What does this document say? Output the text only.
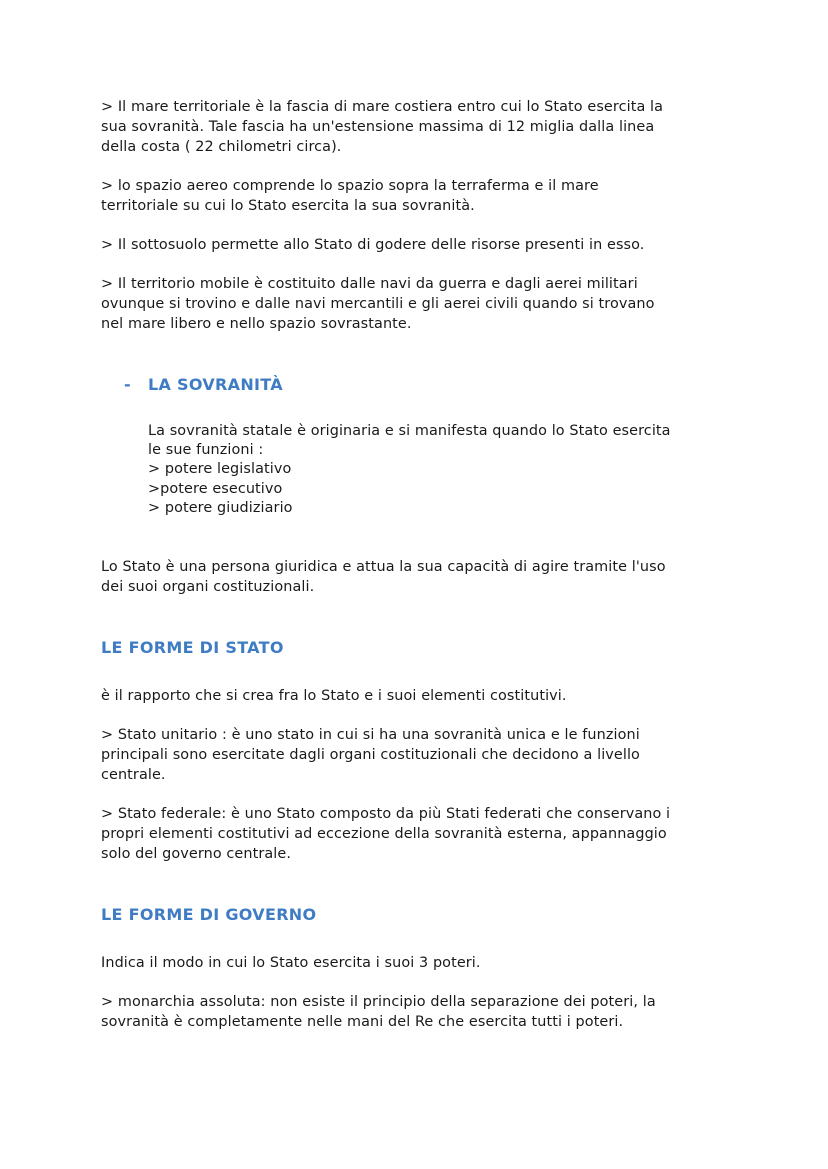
> Il mare territoriale è la fascia di mare costiera entro cui lo Stato esercita la
sua sovranità. Tale fascia ha un'estensione massima di 12 miglia dalla linea
della costa ( 22 chilometri circa).
> lo spazio aereo comprende lo spazio sopra la terraferma e il mare
territoriale su cui lo Stato esercita la sua sovranità.
> Il sottosuolo permette allo Stato di godere delle risorse presenti in esso.
> Il territorio mobile è costituito dalle navi da guerra e dagli aerei militari
ovunque si trovino e dalle navi mercantili e gli aerei civili quando si trovano
nel mare libero e nello spazio sovrastante.
- LA SOVRANITÀ
La sovranità statale è originaria e si manifesta quando lo Stato esercita
le sue funzioni :
> potere legislativo
>potere esecutivo
> potere giudiziario
Lo Stato è una persona giuridica e attua la sua capacità di agire tramite l'uso
dei suoi organi costituzionali.
LE FORME DI STATO
è il rapporto che si crea fra lo Stato e i suoi elementi costitutivi.
> Stato unitario : è uno stato in cui si ha una sovranità unica e le funzioni
principali sono esercitate dagli organi costituzionali che decidono a livello
centrale.
> Stato federale: è uno Stato composto da più Stati federati che conservano i
propri elementi costitutivi ad eccezione della sovranità esterna, appannaggio
solo del governo centrale.
LE FORME DI GOVERNO
Indica il modo in cui lo Stato esercita i suoi 3 poteri.
> monarchia assoluta: non esiste il principio della separazione dei poteri, la
sovranità è completamente nelle mani del Re che esercita tutti i poteri.
